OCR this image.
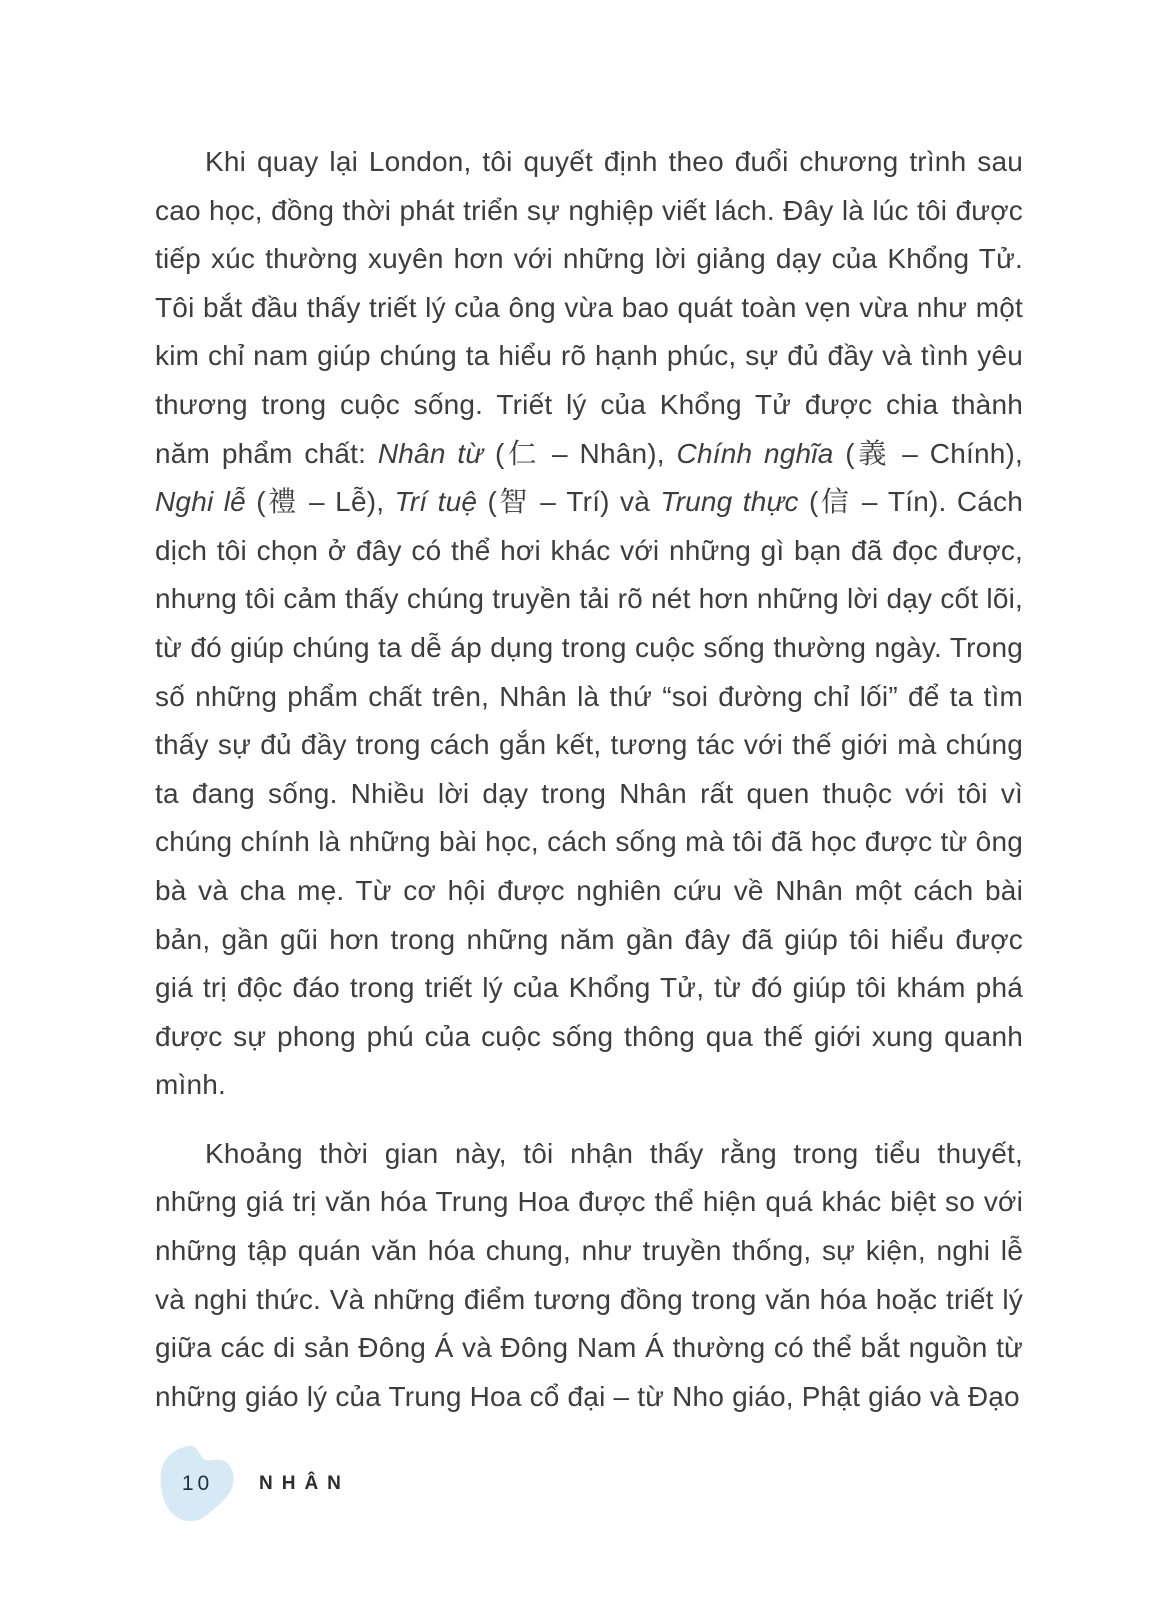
Khi quay lại London, tôi quyết định theo đuổi chương trình sau cao học, đồng thời phát triển sự nghiệp viết lách. Đây là lúc tôi được tiếp xúc thường xuyên hơn với những lời giảng dạy của Khổng Tử. Tôi bắt đầu thấy triết lý của ông vừa bao quát toàn vẹn vừa như một kim chỉ nam giúp chúng ta hiểu rõ hạnh phúc, sự đủ đầy và tình yêu thương trong cuộc sống. Triết lý của Khổng Tử được chia thành năm phẩm chất: Nhân từ (仁 – Nhân), Chính nghĩa (義 – Chính), Nghi lễ (禮 – Lễ), Trí tuệ (智 – Trí) và Trung thực (信 – Tín). Cách dịch tôi chọn ở đây có thể hơi khác với những gì bạn đã đọc được, nhưng tôi cảm thấy chúng truyền tải rõ nét hơn những lời dạy cốt lõi, từ đó giúp chúng ta dễ áp dụng trong cuộc sống thường ngày. Trong số những phẩm chất trên, Nhân là thứ “soi đường chỉ lối” để ta tìm thấy sự đủ đầy trong cách gắn kết, tương tác với thế giới mà chúng ta đang sống. Nhiều lời dạy trong Nhân rất quen thuộc với tôi vì chúng chính là những bài học, cách sống mà tôi đã học được từ ông bà và cha mẹ. Từ cơ hội được nghiên cứu về Nhân một cách bài bản, gần gũi hơn trong những năm gần đây đã giúp tôi hiểu được giá trị độc đáo trong triết lý của Khổng Tử, từ đó giúp tôi khám phá được sự phong phú của cuộc sống thông qua thế giới xung quanh mình.

Khoảng thời gian này, tôi nhận thấy rằng trong tiểu thuyết, những giá trị văn hóa Trung Hoa được thể hiện quá khác biệt so với những tập quán văn hóa chung, như truyền thống, sự kiện, nghi lễ và nghi thức. Và những điểm tương đồng trong văn hóa hoặc triết lý giữa các di sản Đông Á và Đông Nam Á thường có thể bắt nguồn từ những giáo lý của Trung Hoa cổ đại – từ Nho giáo, Phật giáo và Đạo

10	NHÂN
